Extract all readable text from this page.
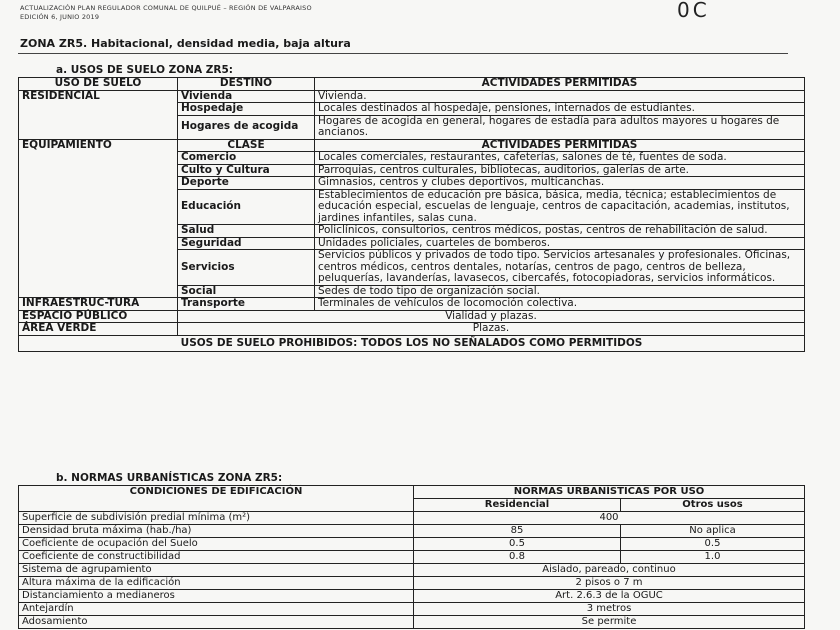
ACTUALIZACIÓN PLAN REGULADOR COMUNAL DE QUILPUÉ – REGIÓN DE VALPARAISO
EDICIÓN 6, JUNIO 2019	0C
ZONA ZR5. Habitacional, densidad media, baja altura
a. USOS DE SUELO ZONA ZR5:
USO DE SUELO	DESTINO	ACTIVIDADES PERMITIDAS
RESIDENCIAL	Vivienda	Vivienda.
	Hospedaje	Locales destinados al hospedaje, pensiones, internados de estudiantes.
	Hogares de acogida	Hogares de acogida en general, hogares de estadía para adultos mayores u hogares de ancianos.
EQUIPAMIENTO	CLASE	ACTIVIDADES PERMITIDAS
	Comercio	Locales comerciales, restaurantes, cafeterías, salones de té, fuentes de soda.
	Culto y Cultura	Parroquias, centros culturales, bibliotecas, auditorios, galerías de arte.
	Deporte	Gimnasios, centros y clubes deportivos, multicanchas.
	Educación	Establecimientos de educación pre básica, básica, media, técnica; establecimientos de educación especial, escuelas de lenguaje, centros de capacitación, academias, institutos, jardines infantiles, salas cuna.
	Salud	Policlínicos, consultorios, centros médicos, postas, centros de rehabilitación de salud.
	Seguridad	Unidades policiales, cuarteles de bomberos.
	Servicios	Servicios públicos y privados de todo tipo. Servicios artesanales y profesionales. Oficinas, centros médicos, centros dentales, notarías, centros de pago, centros de belleza, peluquerías, lavanderías, lavasecos, cibercafés, fotocopiadoras, servicios informáticos.
	Social	Sedes de todo tipo de organización social.
INFRAESTRUC-TURA	Transporte	Terminales de vehículos de locomoción colectiva.
ESPACIO PÚBLICO	Vialidad y plazas.	
ÁREA VERDE	Plazas.	
USOS DE SUELO PROHIBIDOS: TODOS LOS NO SEÑALADOS COMO PERMITIDOS		
b. NORMAS URBANÍSTICAS ZONA ZR5:
CONDICIONES DE EDIFICACIÓN	NORMAS URBANÍSTICAS POR USO	
	Residencial	Otros usos
Superficie de subdivisión predial mínima (m²)	400	
Densidad bruta máxima (hab./ha)	85	No aplica
Coeficiente de ocupación del Suelo	0.5	0.5
Coeficiente de constructibilidad	0.8	1.0
Sistema de agrupamiento	Aislado, pareado, continuo	
Altura máxima de la edificación	2 pisos o 7 m	
Distanciamiento a medianeros	Art. 2.6.3 de la OGUC	
Antejardín	3 metros	
Adosamiento	Se permite	
